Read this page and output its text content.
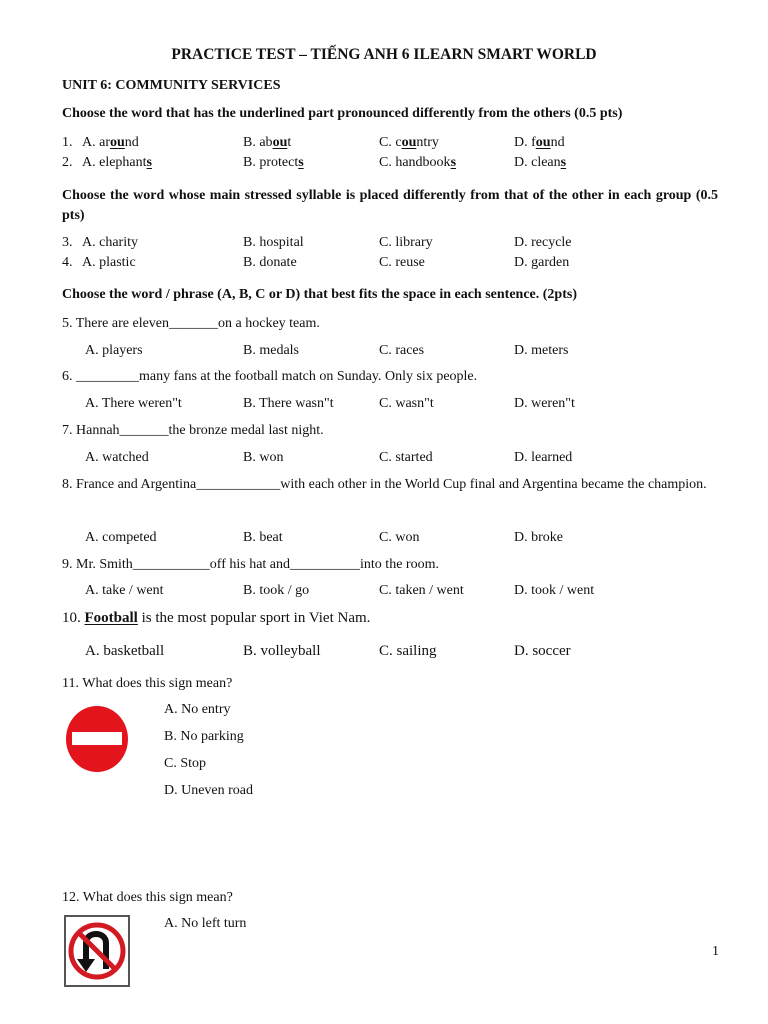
PRACTICE TEST – TIẾNG ANH 6 ILEARN SMART WORLD
UNIT 6: COMMUNITY SERVICES
Choose the word that has the underlined part pronounced differently from the others (0.5 pts)
1. A. around	B. about	C. country	D. found
2. A. elephants	B. protects	C. handbooks	D. cleans
Choose the word whose main stressed syllable is placed differently from that of the other in each group (0.5 pts)
3. A. charity	B. hospital	C. library	D. recycle
4. A. plastic	B. donate	C. reuse	D. garden
Choose the word / phrase (A, B, C or D) that best fits the space in each sentence. (2pts)
5. There are eleven_______on a hockey team.
A. players	B. medals	C. races	D. meters
6. _________many fans at the football match on Sunday. Only six people.
A. There weren"t	B. There wasn"t	C. wasn"t	D. weren"t
7. Hannah_______the bronze medal last night.
A. watched	B. won	C. started	D. learned
8. France and Argentina____________with each other in the World Cup final and Argentina became the champion.
A. competed	B. beat	C. won	D. broke
9. Mr. Smith___________off his hat and__________into the room.
A. take / went	B. took / go	C. taken / went	D. took / went
10. Football is the most popular sport in Viet Nam.
A. basketball	B. volleyball	C. sailing	D. soccer
11. What does this sign mean?
A. No entry
B. No parking
C. Stop
D. Uneven road
12. What does this sign mean?
A. No left turn
1
